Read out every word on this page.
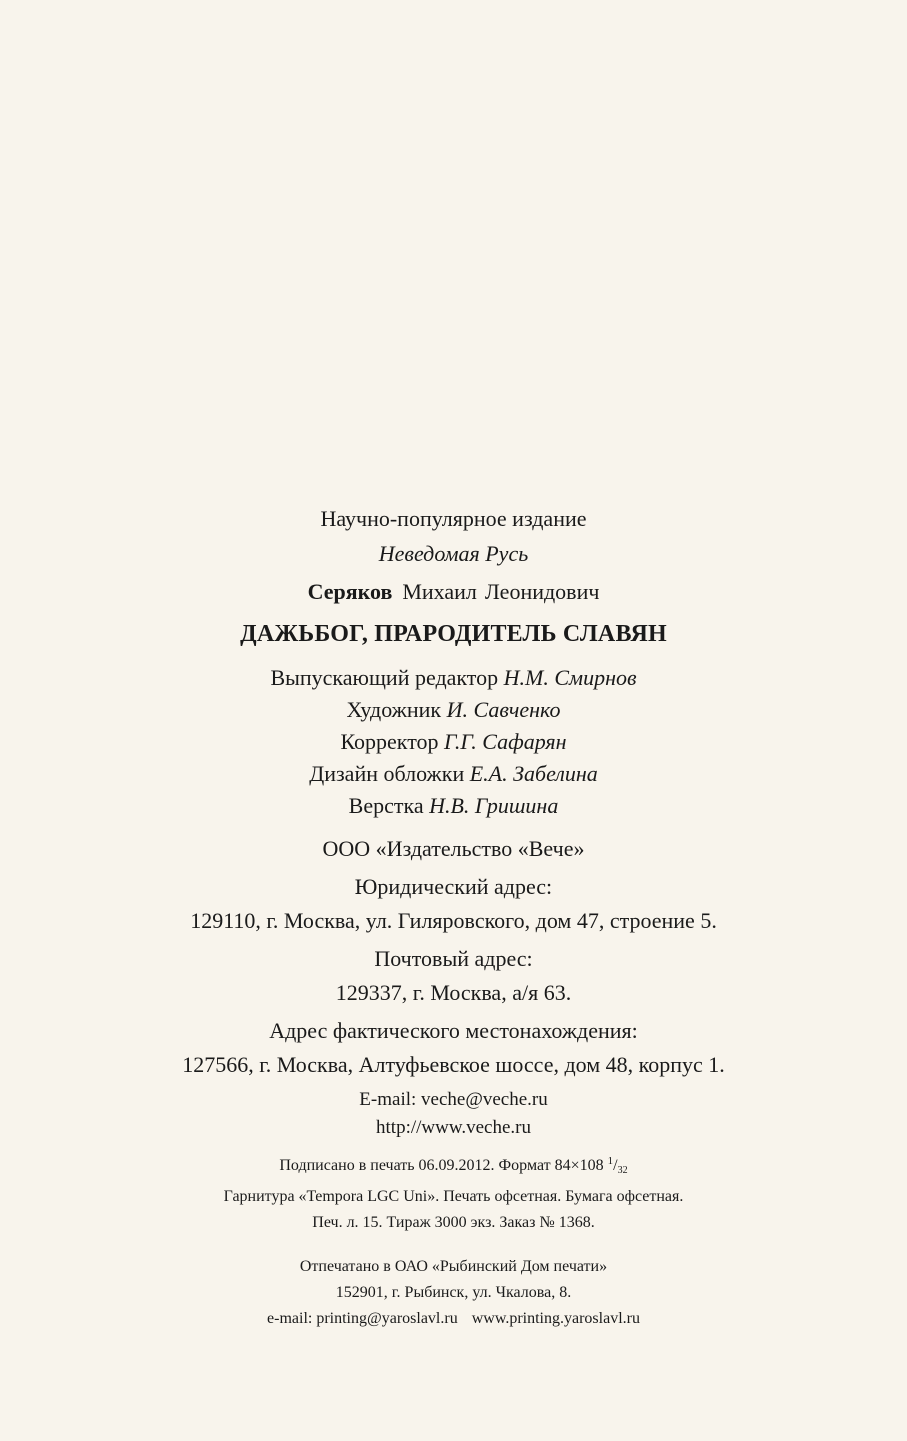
Научно-популярное издание
Неведомая Русь
Серяков Михаил Леонидович
ДАЖЬБОГ, ПРАРОДИТЕЛЬ СЛАВЯН
Выпускающий редактор Н.М. Смирнов
Художник И. Савченко
Корректор Г.Г. Сафарян
Дизайн обложки Е.А. Забелина
Верстка Н.В. Гришина
ООО «Издательство «Вече»
Юридический адрес:
129110, г. Москва, ул. Гиляровского, дом 47, строение 5.
Почтовый адрес:
129337, г. Москва, а/я 63.
Адрес фактического местонахождения:
127566, г. Москва, Алтуфьевское шоссе, дом 48, корпус 1.
E-mail: veche@veche.ru
http://www.veche.ru
Подписано в печать 06.09.2012. Формат 84×108 $^1$/32
Гарнитура «Tempora LGC Uni». Печать офсетная. Бумага офсетная.
Печ. л. 15. Тираж 3000 экз. Заказ № 1368.
Отпечатано в ОАО «Рыбинский Дом печати»
152901, г. Рыбинск, ул. Чкалова, 8.
e-mail: printing@yaroslavl.ru www.printing.yaroslavl.ru
